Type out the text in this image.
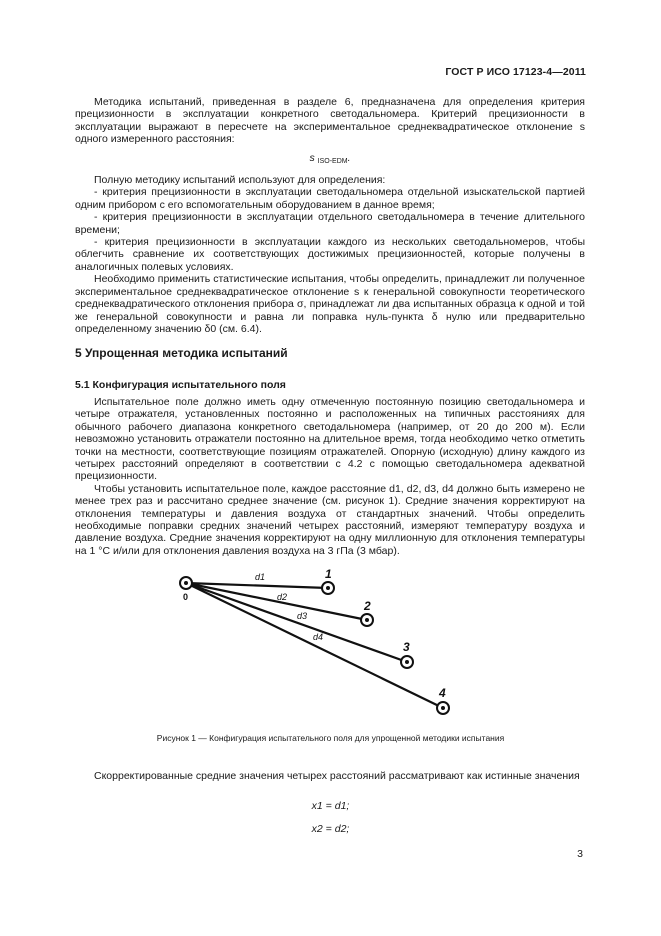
ГОСТ Р ИСО 17123-4—2011

Методика испытаний, приведенная в разделе 6, предназначена для определения критерия прецизионности в эксплуатации конкретного светодальномера. Критерий прецизионности в эксплуатации выражают в пересчете на экспериментальное среднеквадратическое отклонение s одного измеренного расстояния:

s $_{ISO-EDM}$.

Полную методику испытаний используют для определения:

- критерия прецизионности в эксплуатации светодальномера отдельной изыскательской партией одним прибором с его вспомогательным оборудованием в данное время;

- критерия прецизионности в эксплуатации отдельного светодальномера в течение длительного времени;

- критерия прецизионности в эксплуатации каждого из нескольких светодальномеров, чтобы облегчить сравнение их соответствующих достижимых прецизионностей, которые получены в аналогичных полевых условиях.

Необходимо применить статистические испытания, чтобы определить, принадлежит ли полученное экспериментальное среднеквадратическое отклонение s к генеральной совокупности теоретического среднеквадратического отклонения прибора σ, принадлежат ли два испытанных образца к одной и той же генеральной совокупности и равна ли поправка нуль-пункта δ нулю или предварительно определенному значению δ0 (см. 6.4).

5 Упрощенная методика испытаний
5.1 Конфигурация испытательного поля

Испытательное поле должно иметь одну отмеченную постоянную позицию светодальномера и четыре отражателя, установленных постоянно и расположенных на типичных расстояниях для обычного рабочего диапазона конкретного светодальномера (например, от 20 до 200 м). Если невозможно установить отражатели постоянно на длительное время, тогда необходимо четко отметить точки на местности, соответствующие позициям отражателей. Опорную (исходную) длину каждого из четырех расстояний определяют в соответствии с 4.2 с помощью светодальномера адекватной прецизионности.

Чтобы установить испытательное поле, каждое расстояние d1, d2, d3, d4 должно быть измерено не менее трех раз и рассчитано среднее значение (см. рисунок 1). Средние значения корректируют на отклонения температуры и давления воздуха от стандартных значений. Чтобы определить необходимые поправки средних значений четырех расстояний, измеряют температуру воздуха и давление воздуха. Средние значения корректируют на одну миллионную для отклонения температуры на 1 °С и/или для отклонения давления воздуха на 3 гПа (3 мбар).

0
1
2
3
4
d1
d2
d3
d4
Рисунок 1 — Конфигурация испытательного поля для упрощенной методики испытания

Скорректированные средние значения четырех расстояний рассматривают как истинные значения

x1 = d1;
x2 = d2;
3
